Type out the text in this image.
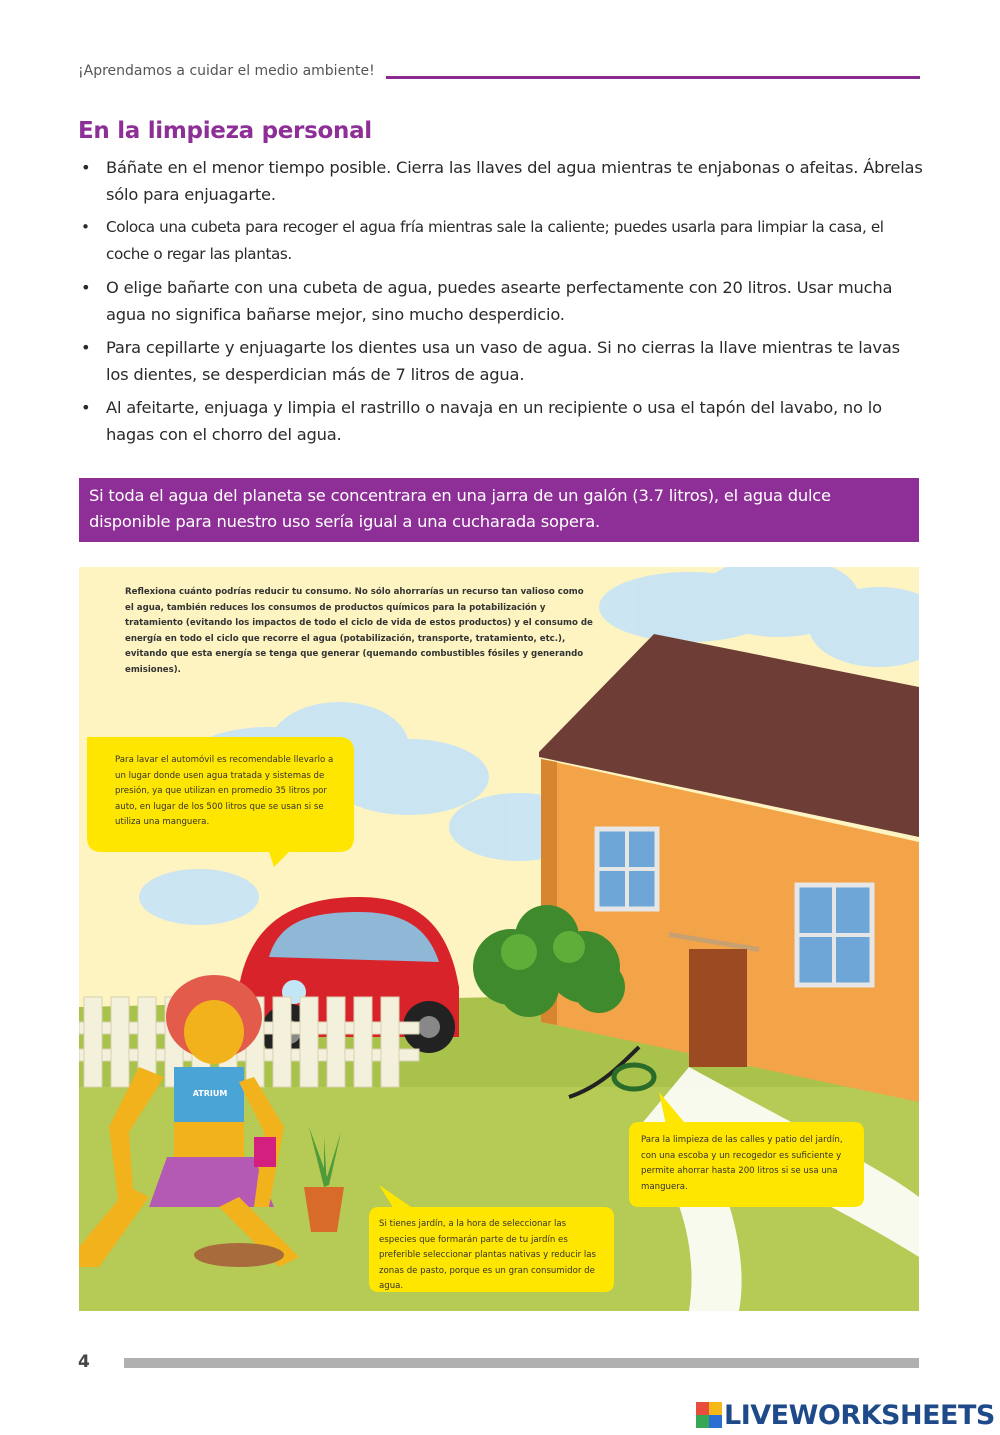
¡Aprendamos a cuidar el medio ambiente!
En la limpieza personal
• Báñate en el menor tiempo posible. Cierra las llaves del agua mientras te enjabonas o afeitas. Ábrelas sólo para enjuagarte.
• Coloca una cubeta para recoger el agua fría mientras sale la caliente; puedes usarla para limpiar la casa, el coche o regar las plantas.
• O elige bañarte con una cubeta de agua, puedes asearte perfectamente con 20 litros. Usar mucha agua no significa bañarse mejor, sino mucho desperdicio.
• Para cepillarte y enjuagarte los dientes usa un vaso de agua. Si no cierras la llave mientras te lavas los dientes, se desperdician más de 7 litros de agua.
• Al afeitarte, enjuaga y limpia el rastrillo o navaja en un recipiente o usa el tapón del lavabo, no lo hagas con el chorro del agua.
Si toda el agua del planeta se concentrara en una jarra de un galón (3.7 litros), el agua dulce disponible para nuestro uso sería igual a una cucharada sopera.
Reflexiona cuánto podrías reducir tu consumo. No sólo ahorrarías un recurso tan valioso como el agua, también reduces los consumos de productos químicos para la potabilización y tratamiento (evitando los impactos de todo el ciclo de vida de estos productos) y el consumo de energía en todo el ciclo que recorre el agua (potabilización, transporte, tratamiento, etc.), evitando que esta energía se tenga que generar (quemando combustibles fósiles y generando emisiones).
Para lavar el automóvil es recomendable llevarlo a un lugar donde usen agua tratada y sistemas de presión, ya que utilizan en promedio 35 litros por auto, en lugar de los 500 litros que se usan si se utiliza una manguera.
Para la limpieza de las calles y patio del jardín, con una escoba y un recogedor es suficiente y permite ahorrar hasta 200 litros si se usa una manguera.
Si tienes jardín, a la hora de seleccionar las especies que formarán parte de tu jardín es preferible seleccionar plantas nativas y reducir las zonas de pasto, porque es un gran consumidor de agua.
ATRIUM
4
LIVEWORKSHEETS
